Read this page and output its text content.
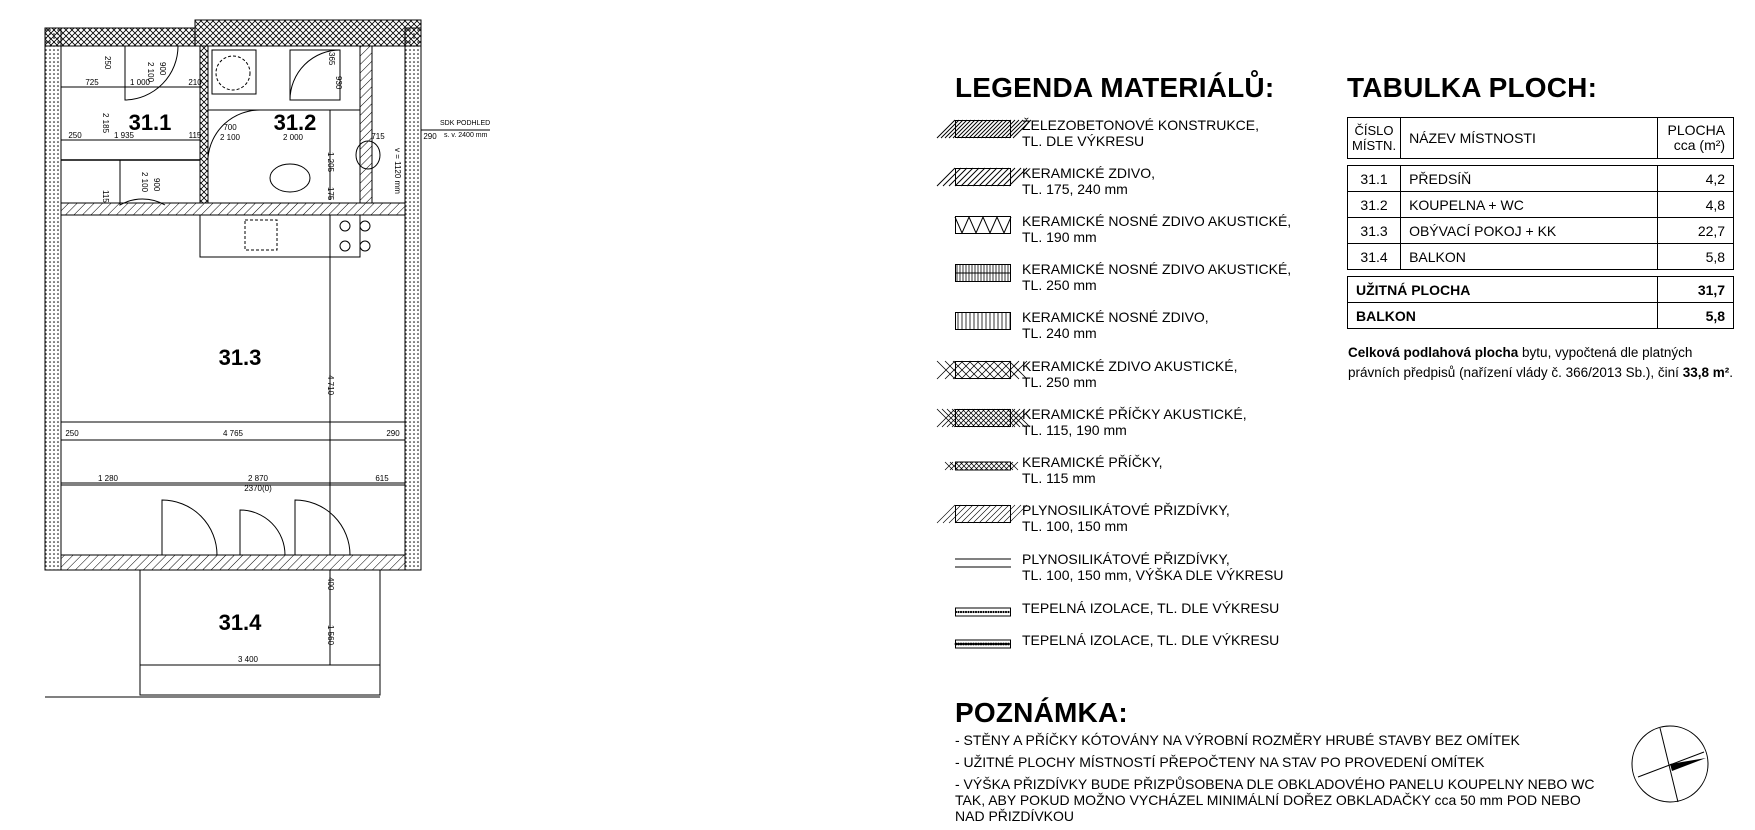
31.1	31.2
31.3
31.4
725	1 000	210
250	1 935	115 2 100
700
2 000	715	290
250	2 100 900
2 185
115
2 100 900
365
930
1 205
175	v = 1120 mm
4 710
250	4 765	290
1 280	2 870
2370(0)
615
400
1 560
3 400
SDK PODHLED
s. v. 2400 mm
LEGENDA MATERIÁLŮ:
ŽELEZOBETONOVÉ KONSTRUKCE,
TL. DLE VÝKRESU
KERAMICKÉ ZDIVO,
TL. 175, 240 mm
KERAMICKÉ NOSNÉ ZDIVO AKUSTICKÉ,
TL. 190 mm
KERAMICKÉ NOSNÉ ZDIVO AKUSTICKÉ,
TL. 250 mm
KERAMICKÉ NOSNÉ ZDIVO,
TL. 240 mm
KERAMICKÉ ZDIVO AKUSTICKÉ,
TL. 250 mm
KERAMICKÉ PŘÍČKY AKUSTICKÉ,
TL. 115, 190 mm
KERAMICKÉ PŘÍČKY,
TL. 115 mm
PLYNOSILIKÁTOVÉ PŘIZDÍVKY,
TL. 100, 150 mm
PLYNOSILIKÁTOVÉ PŘIZDÍVKY,
TL. 100, 150 mm, VÝŠKA DLE VÝKRESU
TEPELNÁ IZOLACE, TL. DLE VÝKRESU
TEPELNÁ IZOLACE, TL. DLE VÝKRESU
TABULKA PLOCH:
ČÍSLO
MÍSTN.	NÁZEV MÍSTNOSTI	PLOCHA
cca (m²)

31.1	PŘEDSÍŇ	4,2
31.2	KOUPELNA + WC	4,8
31.3	OBÝVACÍ POKOJ + KK	22,7
31.4	BALKON	5,8

UŽITNÁ PLOCHA		31,7
BALKON		5,8
Celková podlahová plocha bytu, vypočtená dle platných právních předpisů (nařízení vlády č. 366/2013 Sb.), činí 33,8 m².
POZNÁMKA:
- STĚNY A PŘÍČKY KÓTOVÁNY NA VÝROBNÍ ROZMĚRY HRUBÉ STAVBY BEZ OMÍTEK
- UŽITNÉ PLOCHY MÍSTNOSTÍ PŘEPOČTENY NA STAV PO PROVEDENÍ OMÍTEK
- VÝŠKA PŘIZDÍVKY BUDE PŘIZPŮSOBENA DLE OBKLADOVÉHO PANELU KOUPELNY NEBO WC TAK, ABY POKUD MOŽNO VYCHÁZEL MINIMÁLNÍ DOŘEZ OBKLADAČKY cca 50 mm POD NEBO NAD PŘIZDÍVKOU
